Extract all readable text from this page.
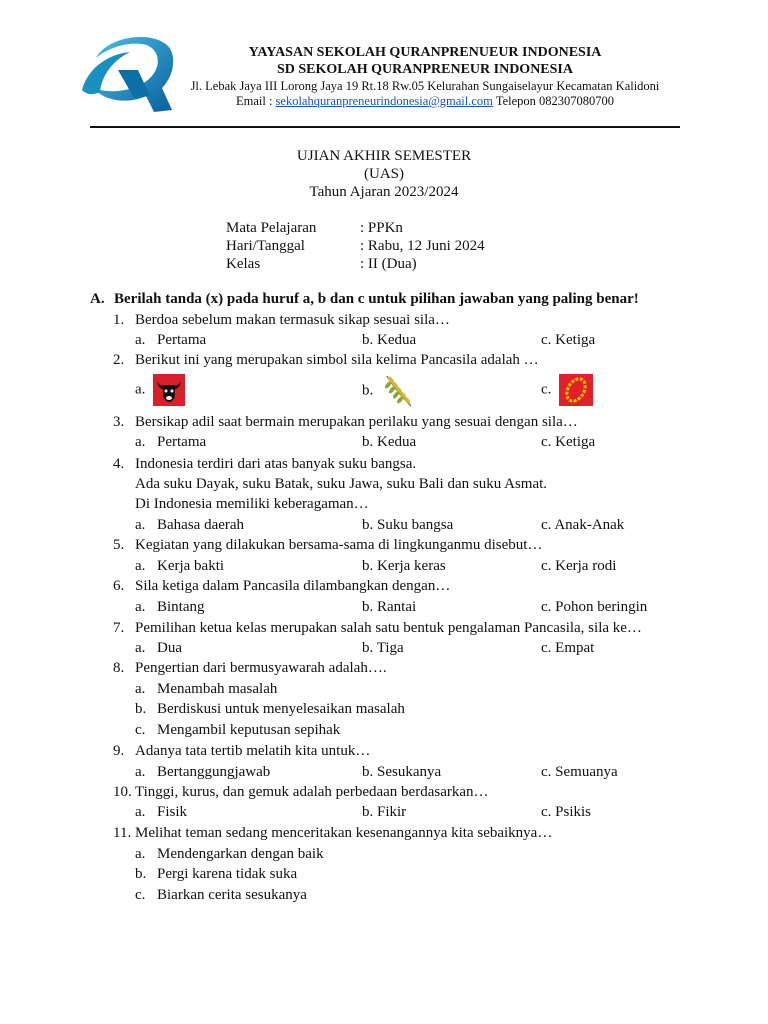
YAYASAN SEKOLAH QURANPRENUEUR INDONESIA
SD SEKOLAH QURANPRENEUR INDONESIA
Jl. Lebak Jaya III Lorong Jaya 19 Rt.18 Rw.05 Kelurahan Sungaiselayur Kecamatan Kalidoni
Email : sekolahquranpreneurindonesia@gmail.com Telepon 082307080700
UJIAN AKHIR SEMESTER
(UAS)
Tahun Ajaran 2023/2024
Mata Pelajaran	: PPKn
Hari/Tanggal	: Rabu, 12 Juni 2024
Kelas	: II (Dua)
A. Berilah tanda (x) pada huruf a, b dan c untuk pilihan jawaban yang paling benar!
1. Berdoa sebelum makan termasuk sikap sesuai sila…
a. Pertama	b. Kedua	c. Ketiga
2. Berikut ini yang merupakan simbol sila kelima Pancasila adalah …
a.	b.	c.
3. Bersikap adil saat bermain merupakan perilaku yang sesuai dengan sila…
a. Pertama	b. Kedua	c. Ketiga
4. Indonesia terdiri dari atas banyak suku bangsa.
Ada suku Dayak, suku Batak, suku Jawa, suku Bali dan suku Asmat.
Di Indonesia memiliki keberagaman…
a. Bahasa daerah	b. Suku bangsa	c. Anak-Anak
5. Kegiatan yang dilakukan bersama-sama di lingkunganmu disebut…
a. Kerja bakti	b. Kerja keras	c. Kerja rodi
6. Sila ketiga dalam Pancasila dilambangkan dengan…
a. Bintang	b. Rantai	c. Pohon beringin
7. Pemilihan ketua kelas merupakan salah satu bentuk pengalaman Pancasila, sila ke…
a. Dua	b. Tiga	c. Empat
8. Pengertian dari bermusyawarah adalah….
a. Menambah masalah
b. Berdiskusi untuk menyelesaikan masalah
c. Mengambil keputusan sepihak
9. Adanya tata tertib melatih kita untuk…
a. Bertanggungjawab	b. Sesukanya	c. Semuanya
10. Tinggi, kurus, dan gemuk adalah perbedaan berdasarkan…
a. Fisik	b. Fikir	c. Psikis
11. Melihat teman sedang menceritakan kesenangannya kita sebaiknya…
a. Mendengarkan dengan baik
b. Pergi karena tidak suka
c. Biarkan cerita sesukanya
